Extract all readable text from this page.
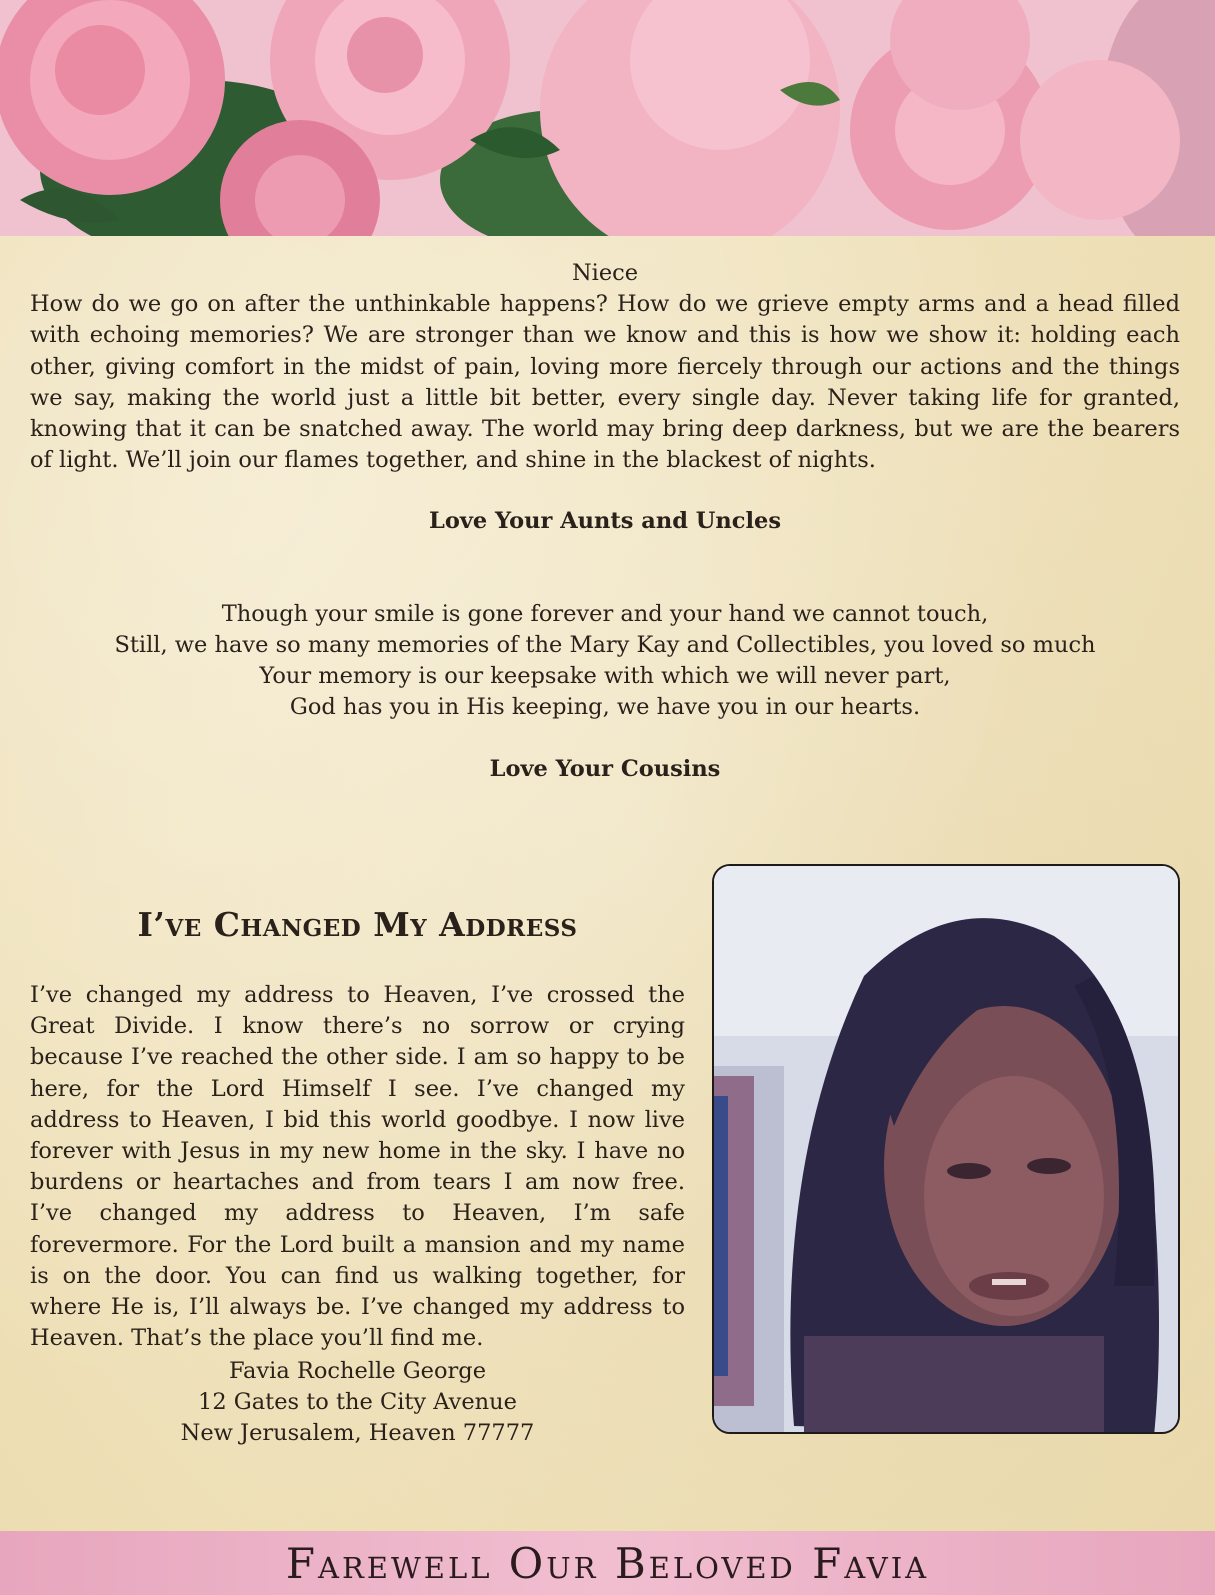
Niece
How do we go on after the unthinkable happens? How do we grieve empty arms and a head filled with echoing memories? We are stronger than we know and this is how we show it: holding each other, giving comfort in the midst of pain, loving more fiercely through our actions and the things we say, making the world just a little bit better, every single day. Never taking life for granted, knowing that it can be snatched away. The world may bring deep darkness, but we are the bearers of light. We’ll join our flames together, and shine in the blackest of nights.
Love Your Aunts and Uncles
Though your smile is gone forever and your hand we cannot touch,
Still, we have so many memories of the Mary Kay and Collectibles, you loved so much
Your memory is our keepsake with which we will never part,
God has you in His keeping, we have you in our hearts.
Love Your Cousins
I’ve Changed My Address
I’ve changed my address to Heaven, I’ve crossed the Great Divide. I know there’s no sorrow or crying because I’ve reached the other side. I am so happy to be here, for the Lord Himself I see. I’ve changed my address to Heaven, I bid this world goodbye. I now live forever with Jesus in my new home in the sky. I have no burdens or heartaches and from tears I am now free. I’ve changed my address to Heaven, I’m safe forevermore. For the Lord built a mansion and my name is on the door. You can find us walking together, for where He is, I’ll always be. I’ve changed my address to Heaven. That’s the place you’ll find me.
Favia Rochelle George
12 Gates to the City Avenue
New Jerusalem, Heaven 77777
Farewell Our Beloved Favia
